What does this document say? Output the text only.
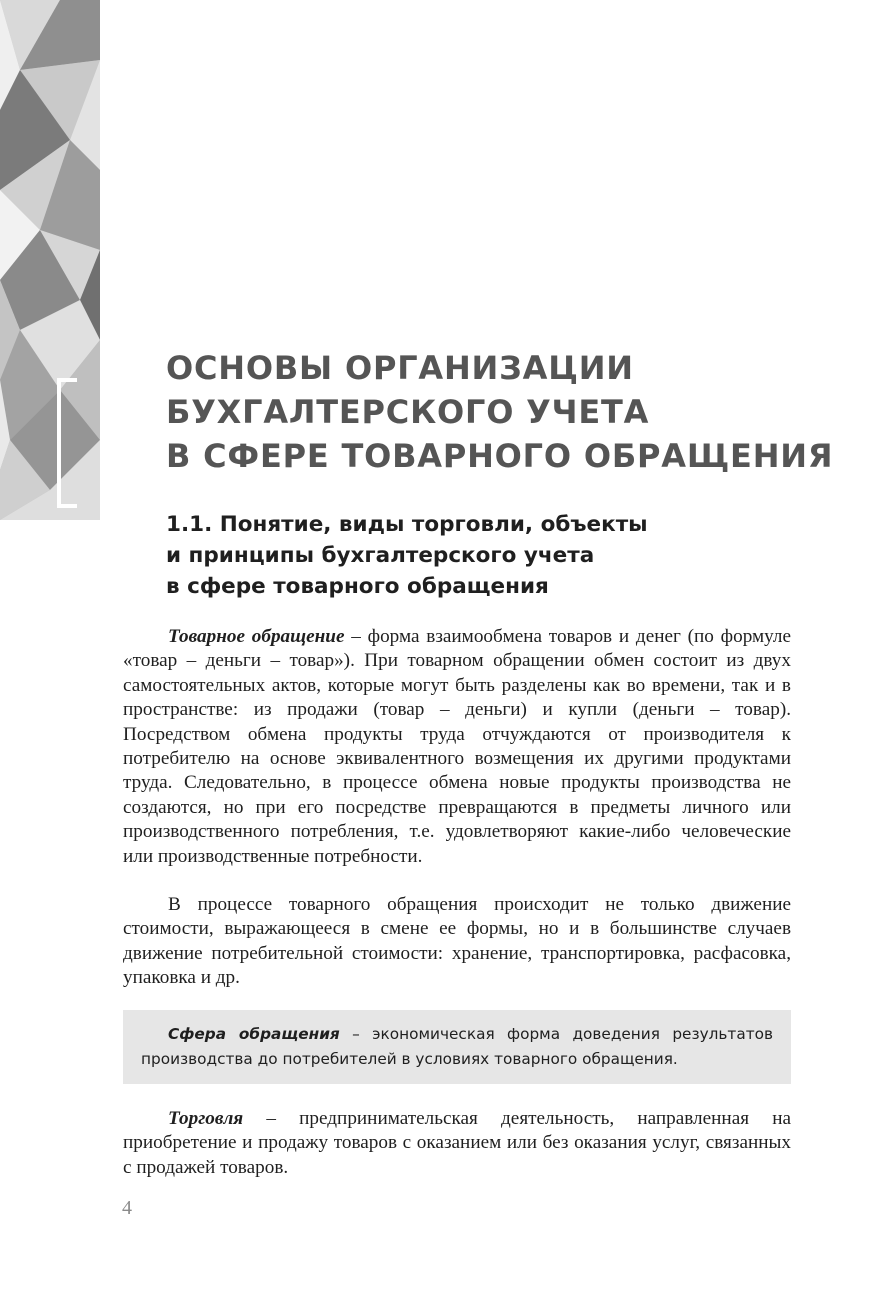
ОСНОВЫ ОРГАНИЗАЦИИ
БУХГАЛТЕРСКОГО УЧЕТА
В СФЕРЕ ТОВАРНОГО ОБРАЩЕНИЯ
1.1. Понятие, виды торговли, объекты
и принципы бухгалтерского учета
в сфере товарного обращения

Товарное обращение – форма взаимообмена товаров и денег (по формуле «товар – деньги – товар»). При товарном обращении обмен состоит из двух самостоятельных актов, которые могут быть разделены как во времени, так и в пространстве: из продажи (товар – деньги) и купли (деньги – товар). Посредством обмена продукты труда отчуждаются от производителя к потребителю на основе эквивалентного возмещения их другими продуктами труда. Следовательно, в процессе обмена новые продукты производства не создаются, но при его посредстве превращаются в предметы личного или производственного потребления, т.е. удовлетворяют какие-либо человеческие или производственные потребности.

В процессе товарного обращения происходит не только движение стоимости, выражающееся в смене ее формы, но и в большинстве случаев движение потребительной стоимости: хранение, транспортировка, расфасовка, упаковка и др.

Сфера обращения – экономическая форма доведения результатов производства до потребителей в условиях товарного обращения.

Торговля – предпринимательская деятельность, направленная на приобретение и продажу товаров с оказанием или без оказания услуг, связанных с продажей товаров.

4
